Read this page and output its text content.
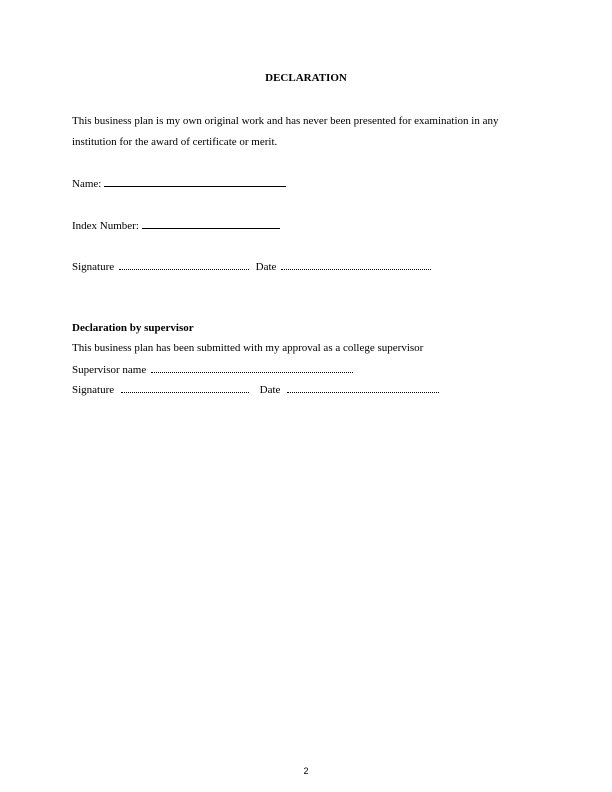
DECLARATION
This business plan is my own original work and has never been presented for examination in any institution for the award of certificate or merit.
Name:
Index Number:
Signature	Date
Declaration by supervisor
This business plan has been submitted with my approval as a college supervisor
Supervisor name
Signature	Date
2
